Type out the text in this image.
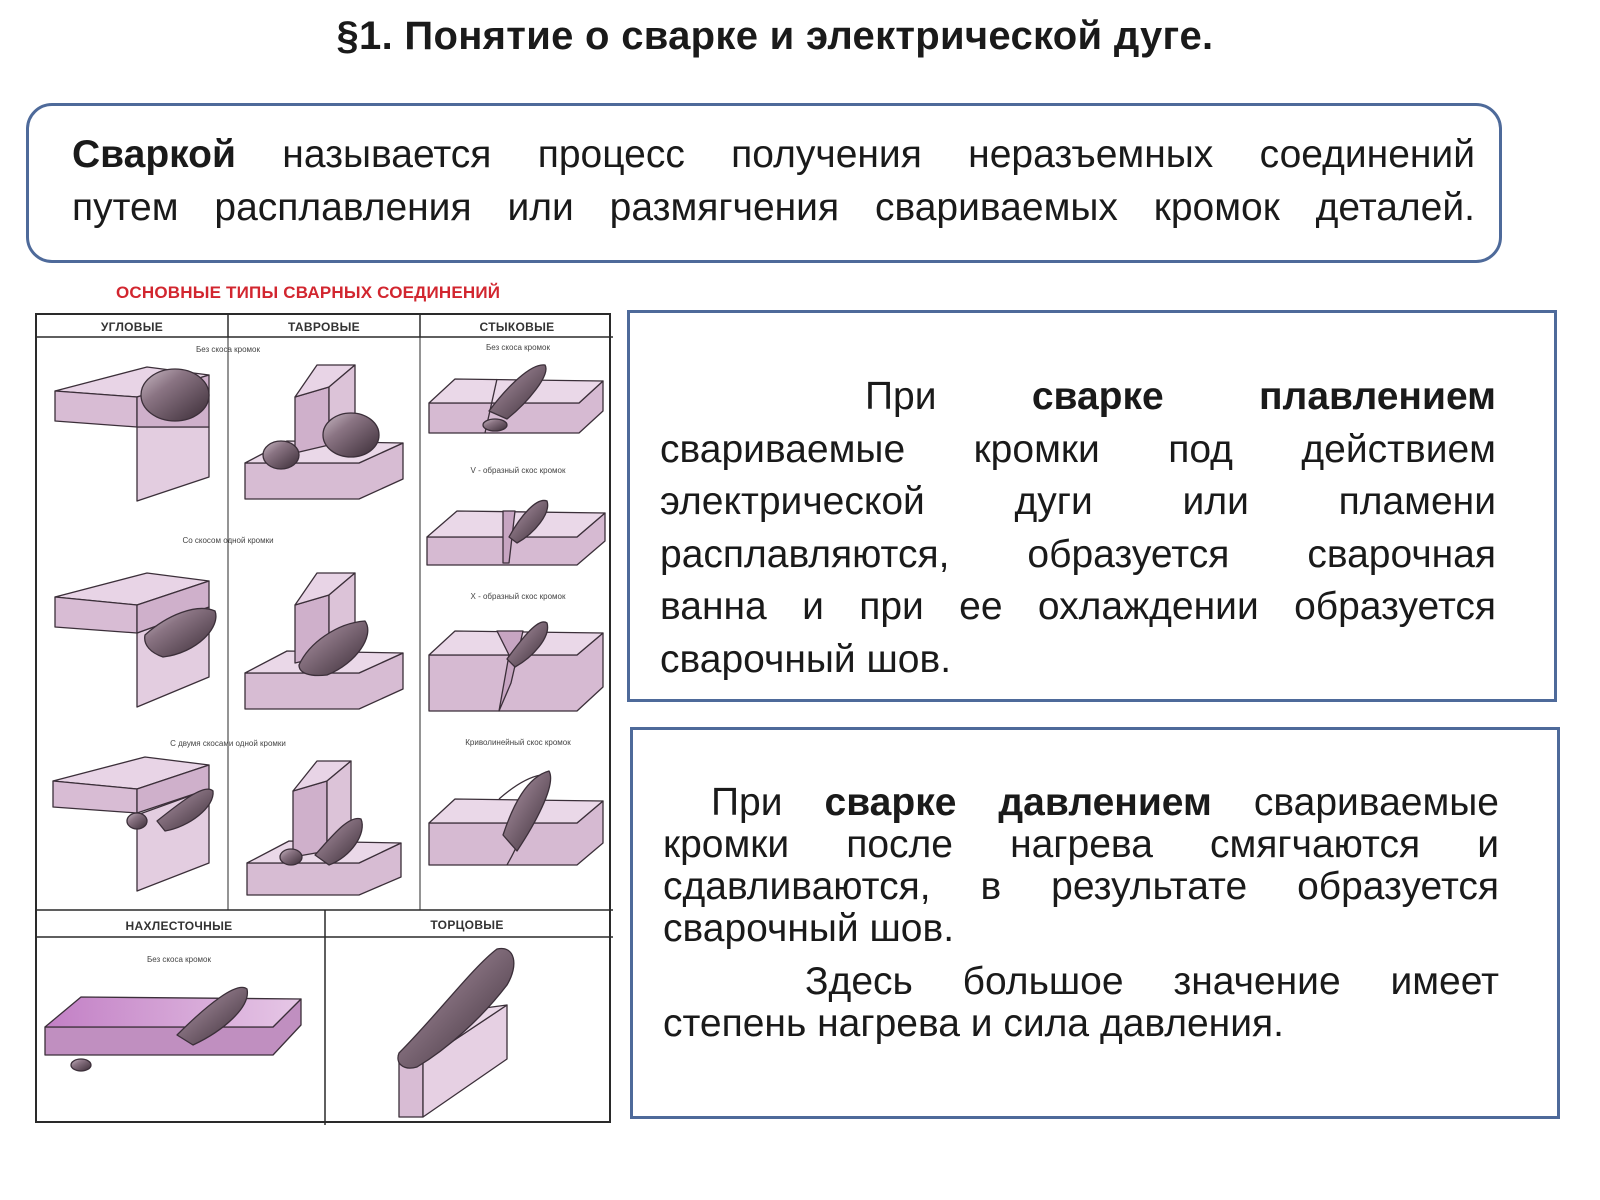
§1. Понятие о сварке и электрической дуге.
Сваркой называется процесс получения неразъемных соединений
путем расплавления или размягчения свариваемых кромок деталей.
ОСНОВНЫЕ ТИПЫ СВАРНЫХ СОЕДИНЕНИЙ
УГЛОВЫЕ	ТАВРОВЫЕ	СТЫКОВЫЕ
НАХЛЕСТОЧНЫЕ	ТОРЦОВЫЕ
Без скоса кромок
Со скосом одной кромки
С двумя скосами одной кромки
Без скоса кромок
V - образный скос кромок
X - образный скос кромок
Криволинейный скос кромок
Без скоса кромок
При сварке плавлением
свариваемые кромки под действием
электрической дуги или пламени
расплавляются, образуется сварочная
ванна и при ее охлаждении образуется
сварочный шов.
При сварке давлением свариваемые
кромки после нагрева смягчаются и
сдавливаются, в результате образуется
сварочный шов.
Здесь большое значение имеет
степень нагрева и сила давления.
